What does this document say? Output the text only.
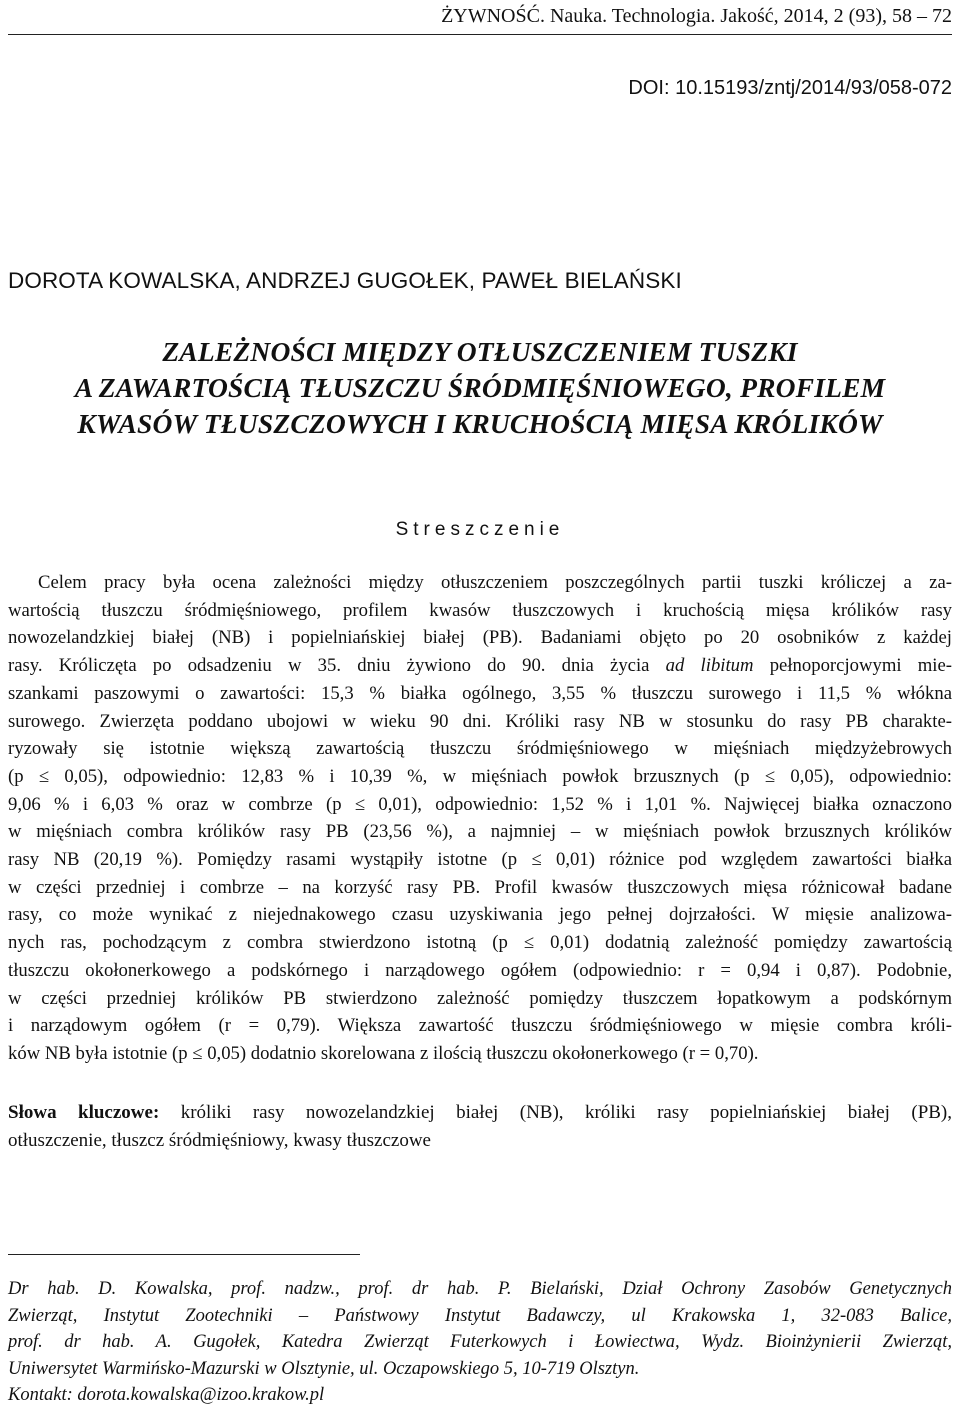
ŻYWNOŚĆ. Nauka. Technologia. Jakość, 2014, 2 (93), 58 – 72
DOI: 10.15193/zntj/2014/93/058-072
DOROTA KOWALSKA, ANDRZEJ GUGOŁEK, PAWEŁ BIELAŃSKI
ZALEŻNOŚCI MIĘDZY OTŁUSZCZENIEM TUSZKI
A ZAWARTOŚCIĄ TŁUSZCZU ŚRÓDMIĘŚNIOWEGO, PROFILEM
KWASÓW TŁUSZCZOWYCH I KRUCHOŚCIĄ MIĘSA KRÓLIKÓW
Streszczenie
Celem pracy była ocena zależności między otłuszczeniem poszczególnych partii tuszki króliczej a za-
wartością tłuszczu śródmięśniowego, profilem kwasów tłuszczowych i kruchością mięsa królików rasy
nowozelandzkiej białej (NB) i popielniańskiej białej (PB). Badaniami objęto po 20 osobników z każdej
rasy. Króliczęta po odsadzeniu w 35. dniu żywiono do 90. dnia życia ad libitum pełnoporcjowymi mie-
szankami paszowymi o zawartości: 15,3 % białka ogólnego, 3,55 % tłuszczu surowego i 11,5 % włókna
surowego. Zwierzęta poddano ubojowi w wieku 90 dni. Króliki rasy NB w stosunku do rasy PB charakte-
ryzowały się istotnie większą zawartością tłuszczu śródmięśniowego w mięśniach międzyżebrowych
(p ≤ 0,05), odpowiednio: 12,83 % i 10,39 %, w mięśniach powłok brzusznych (p ≤ 0,05), odpowiednio:
9,06 % i 6,03 % oraz w combrze (p ≤ 0,01), odpowiednio: 1,52 % i 1,01 %. Najwięcej białka oznaczono
w mięśniach combra królików rasy PB (23,56 %), a najmniej – w mięśniach powłok brzusznych królików
rasy NB (20,19 %). Pomiędzy rasami wystąpiły istotne (p ≤ 0,01) różnice pod względem zawartości białka
w części przedniej i combrze – na korzyść rasy PB. Profil kwasów tłuszczowych mięsa różnicował badane
rasy, co może wynikać z niejednakowego czasu uzyskiwania jego pełnej dojrzałości. W mięsie analizowa-
nych ras, pochodzącym z combra stwierdzono istotną (p ≤ 0,01) dodatnią zależność pomiędzy zawartością
tłuszczu okołonerkowego a podskórnego i narządowego ogółem (odpowiednio: r = 0,94 i 0,87). Podobnie,
w części przedniej królików PB stwierdzono zależność pomiędzy tłuszczem łopatkowym a podskórnym
i narządowym ogółem (r = 0,79). Większa zawartość tłuszczu śródmięśniowego w mięsie combra króli-
ków NB była istotnie (p ≤ 0,05) dodatnio skorelowana z ilością tłuszczu okołonerkowego (r = 0,70).
Słowa kluczowe: króliki rasy nowozelandzkiej białej (NB), króliki rasy popielniańskiej białej (PB),
otłuszczenie, tłuszcz śródmięśniowy, kwasy tłuszczowe
Dr hab. D. Kowalska, prof. nadzw., prof. dr hab. P. Bielański, Dział Ochrony Zasobów Genetycznych
Zwierząt, Instytut Zootechniki – Państwowy Instytut Badawczy, ul Krakowska 1, 32-083 Balice,
prof. dr hab. A. Gugołek, Katedra Zwierząt Futerkowych i Łowiectwa, Wydz. Bioinżynierii Zwierząt,
Uniwersytet Warmińsko-Mazurski w Olsztynie, ul. Oczapowskiego 5, 10-719 Olsztyn.
Kontakt: dorota.kowalska@izoo.krakow.pl
